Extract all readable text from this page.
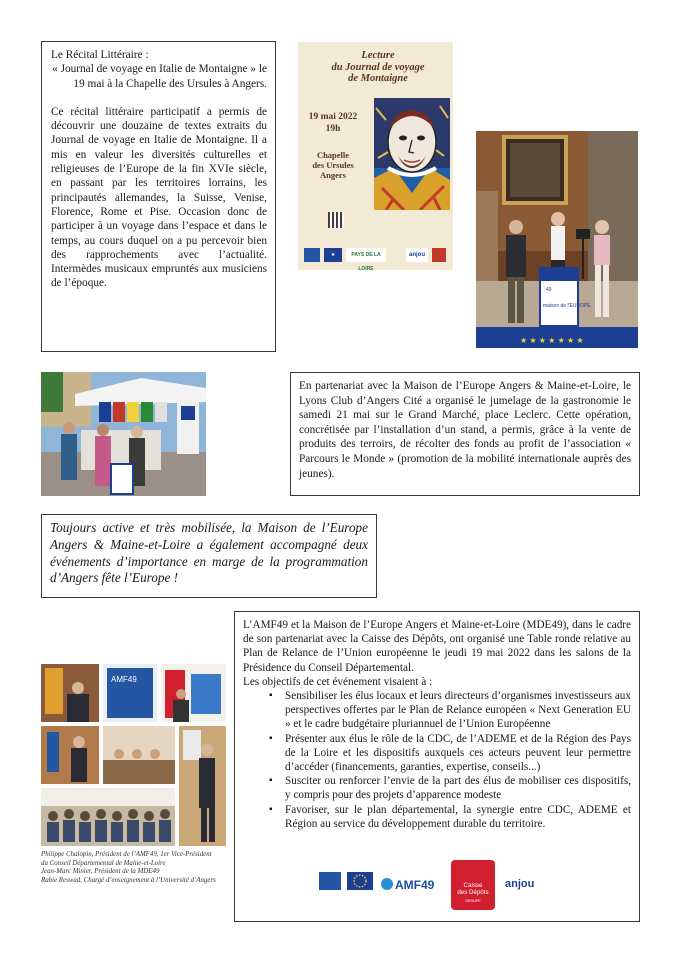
Le Récital Littéraire :

« Journal de voyage en Italie de Montaigne » le 19 mai à la Chapelle des Ursules à Angers.

Ce récital littéraire participatif a permis de découvrir une douzaine de textes extraits du Journal de voyage en Italie de Montaigne. Il a mis en valeur les diversités culturelles et religieuses de l’Europe de la fin XVIe siècle, en passant par les territoires lorrains, les principautés allemandes, la Suisse, Venise, Florence, Rome et Pise. Occasion donc de participer à un voyage dans l’espace et dans le temps, au cours duquel on a pu percevoir bien des rapprochements avec l’actualité. Intermèdes musicaux empruntés aux musiciens de l’époque.

Lecture
du Journal de voyage
de Montaigne
19 mai 2022
19h
Chapelle
des Ursules
Angers
★	PAYS DE LA LOIRE
anjou
★ ★ ★ ★ ★ ★ ★
49
maison de l'EUROPE

En partenariat avec la Maison de l’Europe Angers & Maine-et-Loire, le Lyons Club d’Angers Cité a organisé le jumelage de la gastronomie le samedi 21 mai sur le Grand Marché, place Leclerc. Cette opération, concrétisée par l’installation d’un stand, a permis, grâce à la vente de produits des terroirs, de récolter des fonds au profit de l’association « Parcours le Monde » (promotion de la mobilité internationale auprès des jeunes).

Toujours active et très mobilisée, la Maison de l’Europe Angers & Maine-et-Loire a également accompagné deux événements d’importance en marge de la programmation d’Angers fête l’Europe !

L’AMF49 et la Maison de l’Europe Angers et Maine-et-Loire (MDE49), dans le cadre de son partenariat avec la Caisse des Dépôts, ont organisé une Table ronde relative au Plan de Relance de l’Union européenne le jeudi 19 mai 2022 dans les salons de la Présidence du Conseil Départemental.

Les objectifs de cet événement visaient à :

▪ Sensibiliser les élus locaux et leurs directeurs d’organismes investisseurs aux perspectives offertes par le Plan de Relance européen « Next Generation EU » et le cadre budgétaire pluriannuel de l’Union Européenne
▪ Présenter aux élus le rôle de la CDC, de l’ADEME et de la Région des Pays de la Loire et les dispositifs auxquels ces acteurs peuvent leur permettre d’accéder (financements, garanties, expertise, conseils...)
▪ Susciter ou renforcer l’envie de la part des élus de mobiliser ces dispositifs, y compris pour des projets d’apparence modeste
▪ Favoriser, sur le plan départemental, la synergie entre CDC, ADEME et Région au service du développement durable du territoire.
AMF49	Caisse
des Dépôts
GROUPE
anjou
AMF49

Philippe Chalopin, Président de l’AMF49, 1er Vice-Président du Conseil Départemental de Maine-et-Loire

Jean-Marc Minier, Président de la MDE49

Rabie Reswad, Chargé d’enseignement à l’Université d’Angers
